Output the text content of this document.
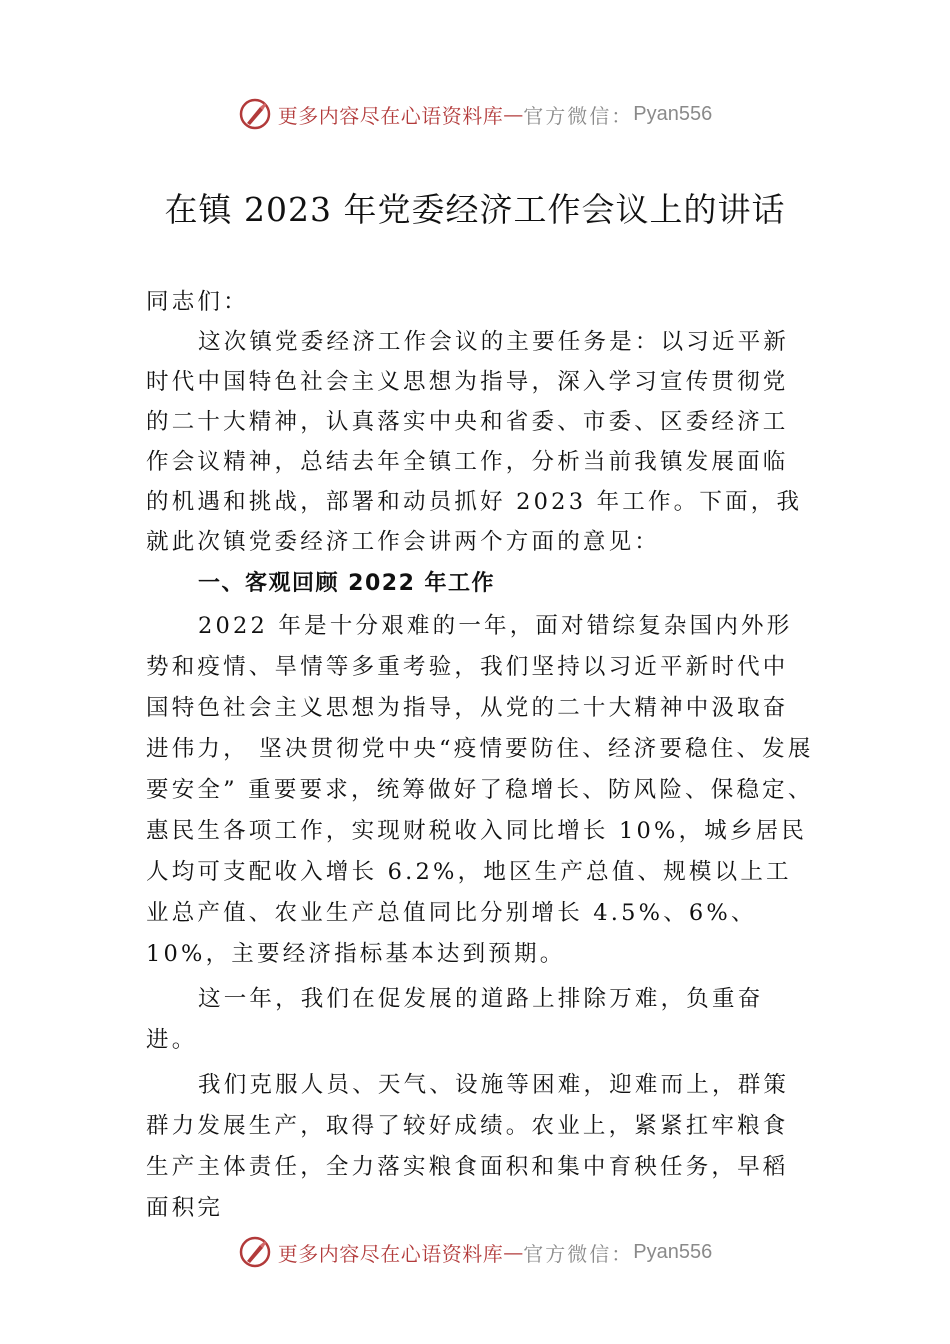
更多内容尽在心语资料库 — 官方微信： Pyan556
在镇 2023 年党委经济工作会议上的讲话

同志们：

这次镇党委经济工作会议的主要任务是：以习近平新时代中国特色社会主义思想为指导，深入学习宣传贯彻党的二十大精神，认真落实中央和省委、市委、区委经济工作会议精神，总结去年全镇工作，分析当前我镇发展面临的机遇和挑战，部署和动员抓好 2023 年工作。下面，我就此次镇党委经济工作会讲两个方面的意见：

一、客观回顾 2022 年工作

2022 年是十分艰难的一年，面对错综复杂国内外形势和疫情、旱情等多重考验，我们坚持以习近平新时代中国特色社会主义思想为指导，从党的二十大精神中汲取奋进伟力， 坚决贯彻党中央“疫情要防住、经济要稳住、发展要安全” 重要要求，统筹做好了稳增长、防风险、保稳定、惠民生各项工作，实现财税收入同比增长 10%，城乡居民人均可支配收入增长 6.2%，地区生产总值、规模以上工业总产值、农业生产总值同比分别增长 4.5%、6%、10%，主要经济指标基本达到预期。

这一年，我们在促发展的道路上排除万难，负重奋进。

我们克服人员、天气、设施等困难，迎难而上，群策群力发展生产，取得了较好成绩。农业上，紧紧扛牢粮食生产主体责任，全力落实粮食面积和集中育秧任务，早稻面积完

更多内容尽在心语资料库 — 官方微信： Pyan556
